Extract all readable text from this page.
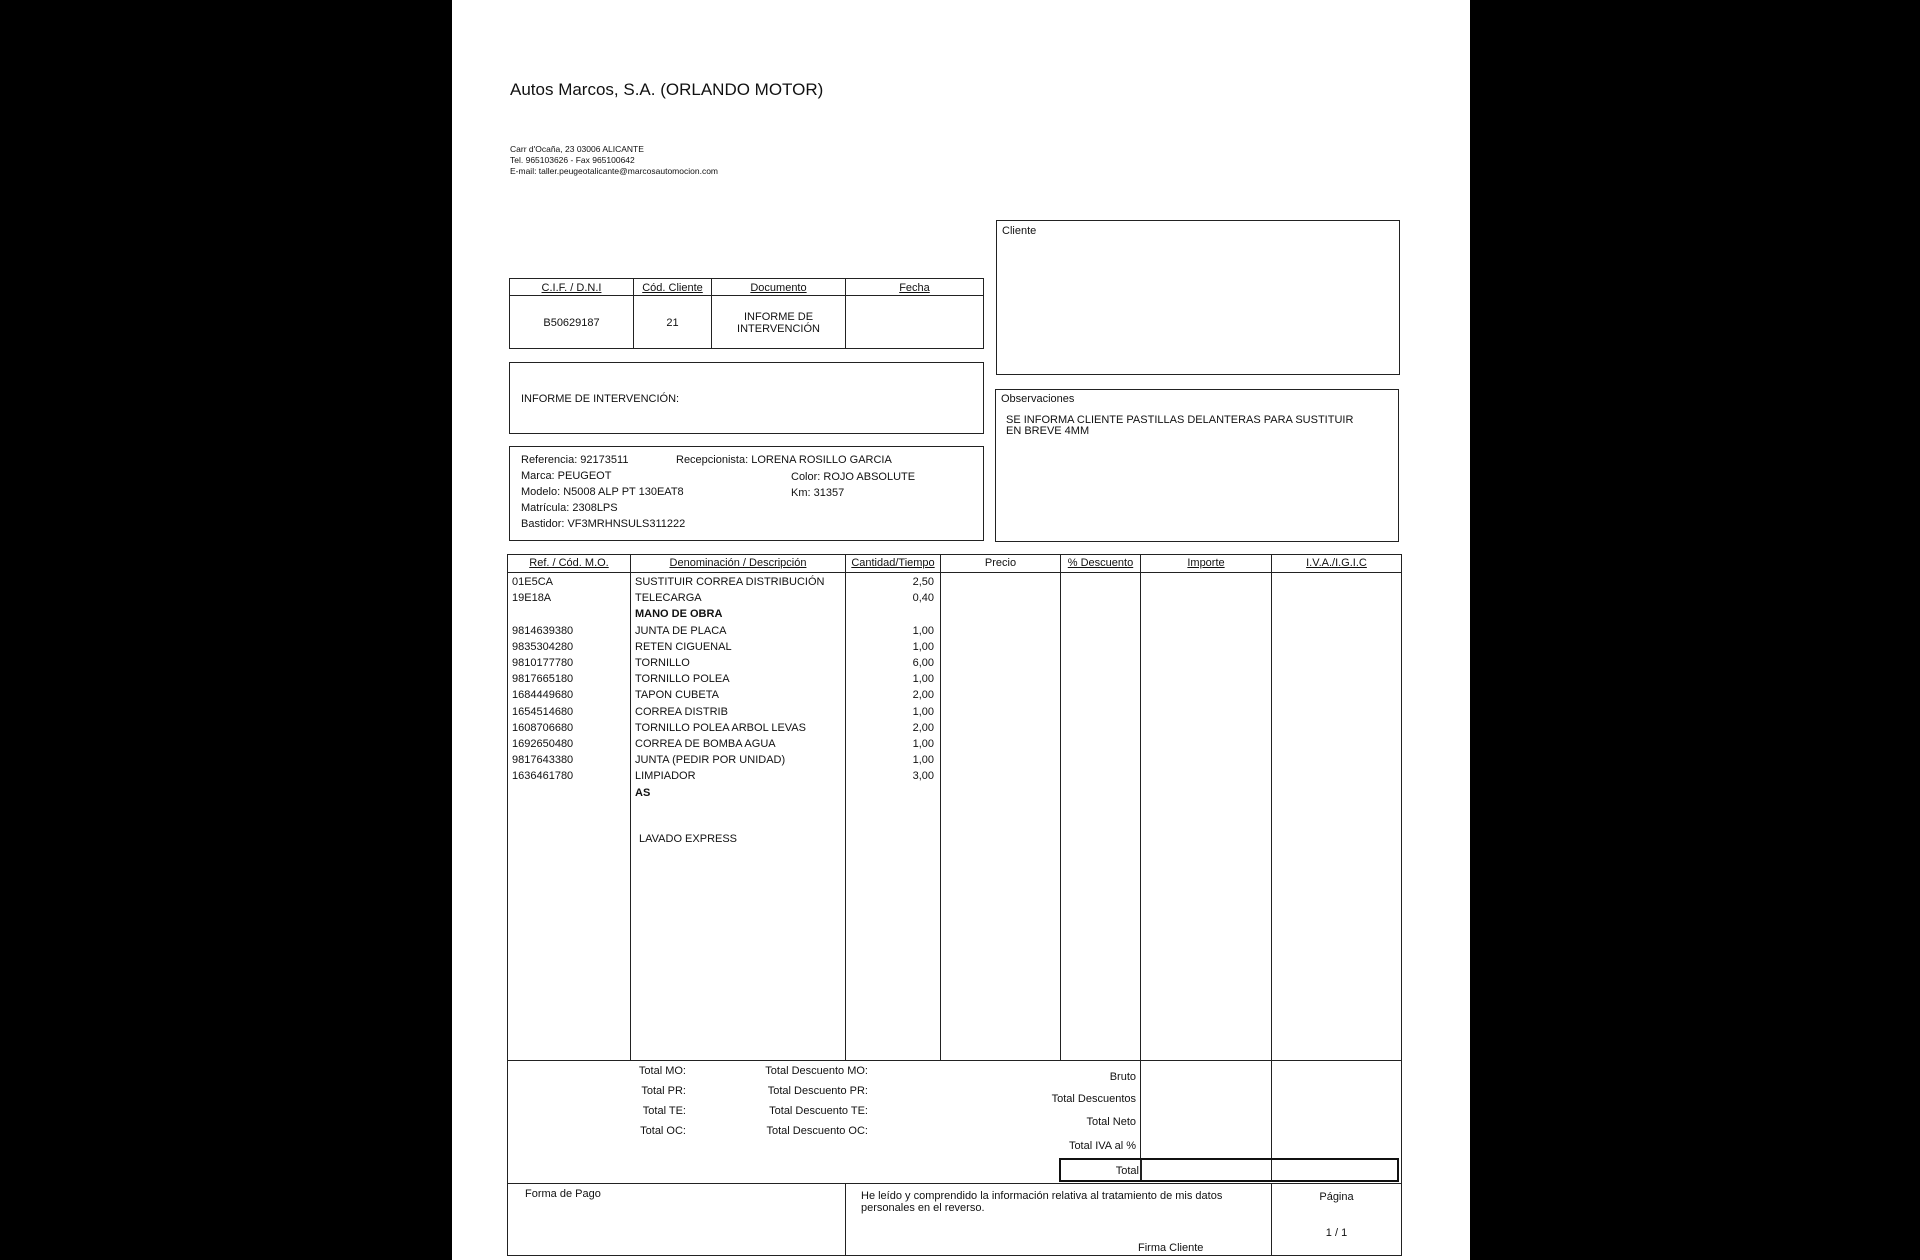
Autos Marcos, S.A. (ORLANDO MOTOR)
Carr d'Ocaña, 23 03006 ALICANTE
Tel. 965103626 - Fax 965100642
E-mail: taller.peugeotalicante@marcosautomocion.com
Cliente
C.I.F. / D.N.I	Cód. Cliente	Documento	Fecha
B50629187	21	INFORME DE
INTERVENCIÓN
INFORME DE INTERVENCIÓN:	Observaciones
SE INFORMA CLIENTE PASTILLAS DELANTERAS PARA SUSTITUIR
EN BREVE 4MM
Referencia: 92173511	Recepcionista: LORENA ROSILLO GARCIA
Marca: PEUGEOT	Color: ROJO ABSOLUTE
Modelo: N5008 ALP PT 130EAT8	Km: 31357
Matrícula: 2308LPS
Bastidor: VF3MRHNSULS311222
Ref. / Cód. M.O.	Denominación / Descripción	Cantidad/Tiempo	Precio	% Descuento	Importe	I.V.A./I.G.I.C
01E5CA	SUSTITUIR CORREA DISTRIBUCIÓN	2,50
19E18A	TELECARGA	0,40
MANO DE OBRA
9814639380	JUNTA DE PLACA	1,00
9835304280	RETEN CIGUENAL	1,00
9810177780	TORNILLO	6,00
9817665180	TORNILLO POLEA	1,00
1684449680	TAPON CUBETA	2,00
1654514680	CORREA DISTRIB	1,00
1608706680	TORNILLO POLEA ARBOL LEVAS	2,00
1692650480	CORREA DE BOMBA AGUA	1,00
9817643380	JUNTA (PEDIR POR UNIDAD)	1,00
1636461780	LIMPIADOR	3,00
AS
LAVADO EXPRESS
Total MO:
Total PR:
Total TE:
Total OC:
Total Descuento MO:
Total Descuento PR:
Total Descuento TE:
Total Descuento OC:
Bruto
Total Descuentos
Total Neto
Total IVA al %
Total
Forma de Pago	He leído y comprendido la información relativa al tratamiento de mis datos
personales en el reverso.
Firma Cliente
Página
1 / 1
